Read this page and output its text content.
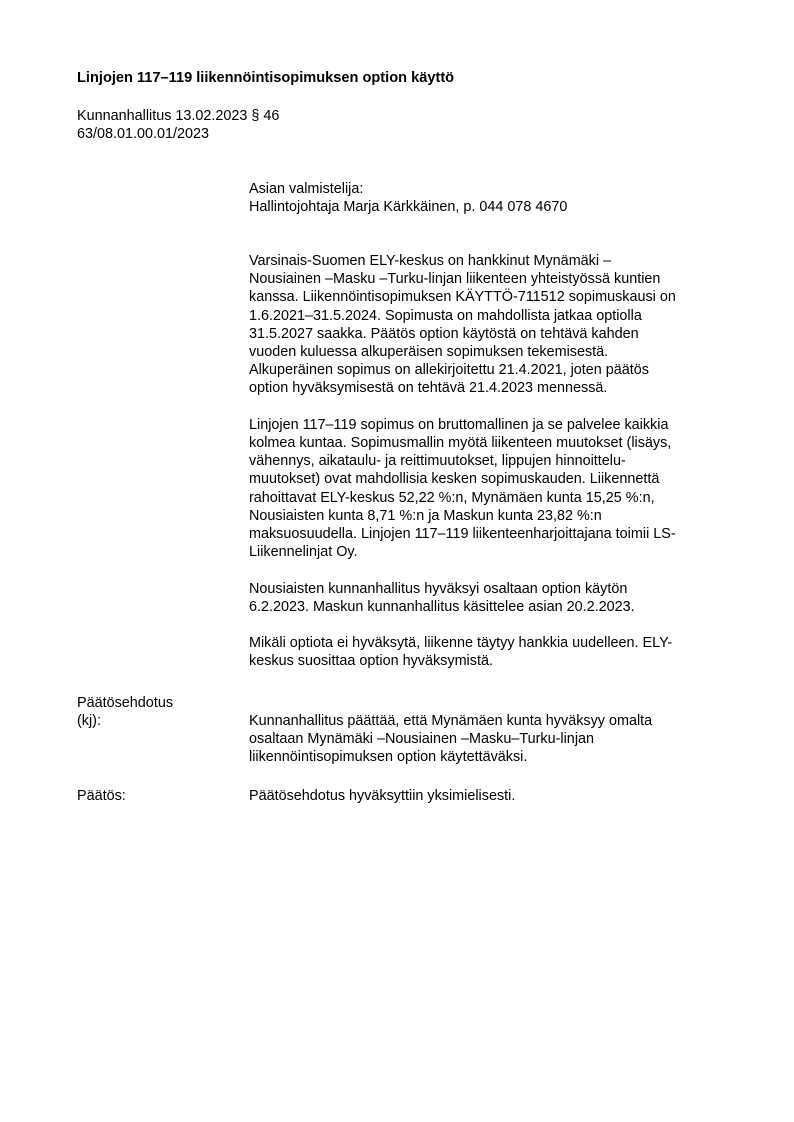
Linjojen 117–119 liikennöintisopimuksen option käyttö
Kunnanhallitus 13.02.2023 § 46
63/08.01.00.01/2023
Asian valmistelija:
Hallintojohtaja Marja Kärkkäinen, p. 044 078 4670
Varsinais-Suomen ELY-keskus on hankkinut Mynämäki –
Nousiainen –Masku –Turku-linjan liikenteen yhteistyössä kuntien
kanssa. Liikennöintisopimuksen KÄYTTÖ-711512 sopimuskausi on
1.6.2021–31.5.2024. Sopimusta on mahdollista jatkaa optiolla
31.5.2027 saakka. Päätös option käytöstä on tehtävä kahden
vuoden kuluessa alkuperäisen sopimuksen tekemisestä.
Alkuperäinen sopimus on allekirjoitettu 21.4.2021, joten päätös
option hyväksymisestä on tehtävä 21.4.2023 mennessä.
Linjojen 117–119 sopimus on bruttomallinen ja se palvelee kaikkia
kolmea kuntaa. Sopimusmallin myötä liikenteen muutokset (lisäys,
vähennys, aikataulu- ja reittimuutokset, lippujen hinnoittelu-
muutokset) ovat mahdollisia kesken sopimuskauden. Liikennettä
rahoittavat ELY-keskus 52,22 %:n, Mynämäen kunta 15,25 %:n,
Nousiaisten kunta 8,71 %:n ja Maskun kunta 23,82 %:n
maksuosuudella. Linjojen 117–119 liikenteenharjoittajana toimii LS-
Liikennelinjat Oy.
Nousiaisten kunnanhallitus hyväksyi osaltaan option käytön
6.2.2023. Maskun kunnanhallitus käsittelee asian 20.2.2023.
Mikäli optiota ei hyväksytä, liikenne täytyy hankkia uudelleen. ELY-
keskus suosittaa option hyväksymistä.
Päätösehdotus
(kj):	Kunnanhallitus päättää, että Mynämäen kunta hyväksyy omalta
osaltaan Mynämäki –Nousiainen –Masku–Turku-linjan
liikennöintisopimuksen option käytettäväksi.
Päätös:	Päätösehdotus hyväksyttiin yksimielisesti.
